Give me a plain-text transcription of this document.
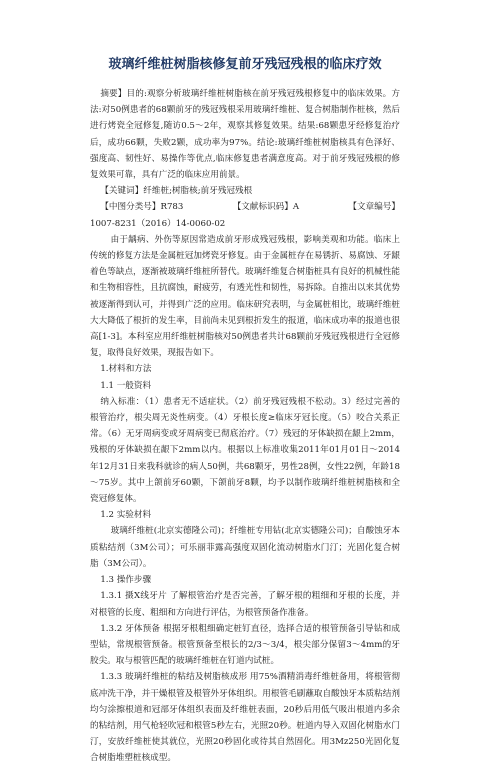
玻璃纤维桩树脂核修复前牙残冠残根的临床疗效

摘要】目的:观察分析玻璃纤维桩树脂核在前牙残冠残根修复中的临床效果。方法:对50例患者的68颗前牙的残冠残根采用玻璃纤维桩、复合树脂制作桩核，然后进行烤瓷全冠修复,随访0.5～2年，观察其修复效果。结果:68颗患牙经修复治疗后，成功66颗，失败2颗，成功率为97%。结论:玻璃纤维桩树脂核具有色泽好、强度高、韧性好、易操作等优点,临床修复患者满意度高。对于前牙残冠残根的修复效果可靠，具有广泛的临床应用前景。

【关键词】纤维桩;树脂核;前牙残冠残根

【中图分类号】R783	【文献标识码】A	【文章编号】

1007-8231（2016）14-0060-02

由于龋病、外伤等原因常造成前牙形成残冠残根，影响美观和功能。临床上传统的修复方法是金属桩冠加烤瓷牙修复。由于金属桩存在易锈折、易腐蚀、牙龈着色等缺点，逐渐被玻璃纤维桩所替代。玻璃纤维复合树脂桩具有良好的机械性能和生物相容性，且抗腐蚀，耐疲劳，有透光性和韧性，易拆除。自推出以来其优势被逐渐得到认可，并得到广泛的应用。临床研究表明，与金属桩相比，玻璃纤维桩大大降低了根折的发生率，目前尚未见到根折发生的报道，临床成功率的报道也很高[1-3]。本科室应用纤维桩树脂核对50例患者共计68颗前牙残冠残根进行全冠修复，取得良好效果，现报告如下。

1.材料和方法

1.1 一般资料

纳入标准：（1）患者无不适症状。（2）前牙残冠残根不松动。3）经过完善的根管治疗，根尖周无炎性病变。（4）牙根长度≥临床牙冠长度。（5）咬合关系正常。（6）无牙周病变或牙周病变已彻底治疗。（7）残冠的牙体缺损在龈上2mm，残根的牙体缺损在龈下2mm以内。根据以上标准收集2011年01月01日～2014年12月31日来我科就诊的病人50例，共68颗牙，男性28例，女性22例，年龄18～75岁。其中上颌前牙60颗，下颌前牙8颗，均予以制作玻璃纤维桩树脂核和全瓷冠修复体。

1.2 实验材料

玻璃纤维桩(北京实德隆公司)；纤维桩专用钻(北京实德隆公司)；自酸蚀牙本质粘结剂（3M公司）；可乐丽菲露高强度双固化流动树脂水门汀；光固化复合树脂（3M公司）。

1.3 操作步骤

1.3.1 摄X线牙片 了解根管治疗是否完善，了解牙根的粗细和牙根的长度，并对根管的长度、粗细和方向进行评估，为根管预备作准备。

1.3.2 牙体预备 根据牙根粗细确定桩钉直径，选择合适的根管预备引导钻和成型钻，常规根管预备。根管预备至根长的2/3～3/4，根尖部分保留3～4mm的牙胶尖。取与根管匹配的玻璃纤维桩在钉道内试桩。

1.3.3 玻璃纤维桩的粘结及树脂核成形 用75%酒精消毒纤维桩备用，将根管彻底冲洗干净，并干燥根管及根管外牙体组织。用根管毛刷蘸取自酸蚀牙本质粘结剂均匀涂擦根道和冠部牙体组织表面及纤维桩表面，20秒后用低气吸出根道内多余的粘结剂，用气枪轻吹冠和根管5秒左右，光照20秒。桩道内导入双固化树脂水门汀，安放纤维桩使其就位，光照20秒固化或待其自然固化。用3Mz250光固化复合树脂堆塑桩核成型。
